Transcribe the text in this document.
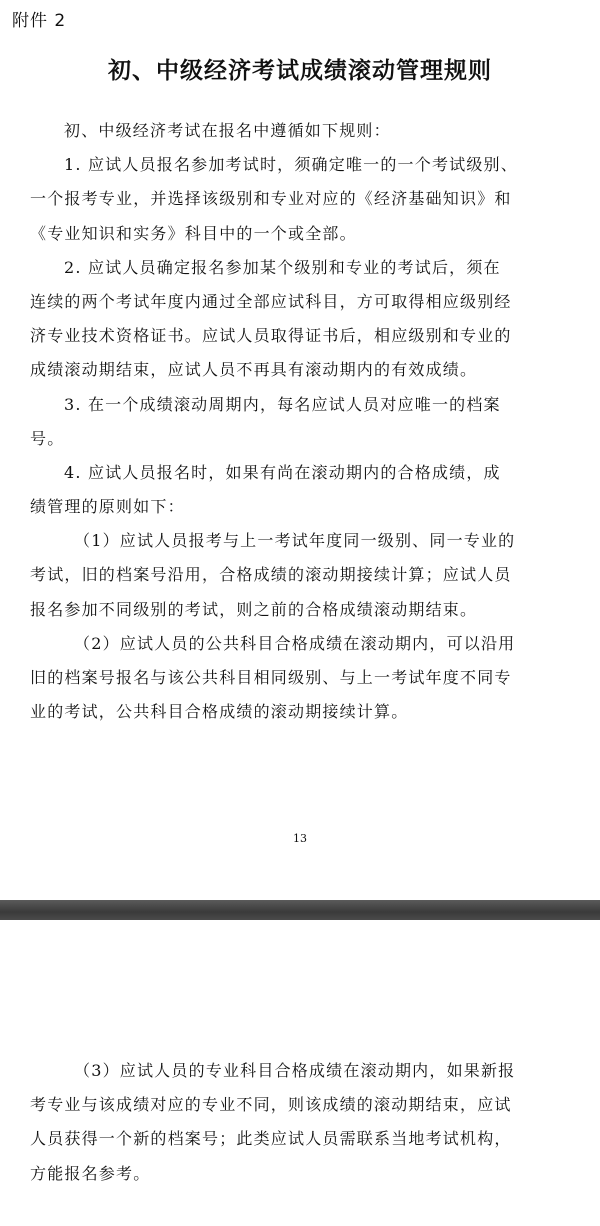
附件 2
初、中级经济考试成绩滚动管理规则
初、中级经济考试在报名中遵循如下规则：
1. 应试人员报名参加考试时，须确定唯一的一个考试级别、
一个报考专业，并选择该级别和专业对应的《经济基础知识》和
《专业知识和实务》科目中的一个或全部。
2. 应试人员确定报名参加某个级别和专业的考试后，须在
连续的两个考试年度内通过全部应试科目，方可取得相应级别经
济专业技术资格证书。应试人员取得证书后，相应级别和专业的
成绩滚动期结束，应试人员不再具有滚动期内的有效成绩。
3. 在一个成绩滚动周期内，每名应试人员对应唯一的档案
号。
4. 应试人员报名时，如果有尚在滚动期内的合格成绩，成
绩管理的原则如下：
（1）应试人员报考与上一考试年度同一级别、同一专业的
考试，旧的档案号沿用，合格成绩的滚动期接续计算；应试人员
报名参加不同级别的考试，则之前的合格成绩滚动期结束。
（2）应试人员的公共科目合格成绩在滚动期内，可以沿用
旧的档案号报名与该公共科目相同级别、与上一考试年度不同专
业的考试，公共科目合格成绩的滚动期接续计算。
13
（3）应试人员的专业科目合格成绩在滚动期内，如果新报
考专业与该成绩对应的专业不同，则该成绩的滚动期结束，应试
人员获得一个新的档案号；此类应试人员需联系当地考试机构，
方能报名参考。
